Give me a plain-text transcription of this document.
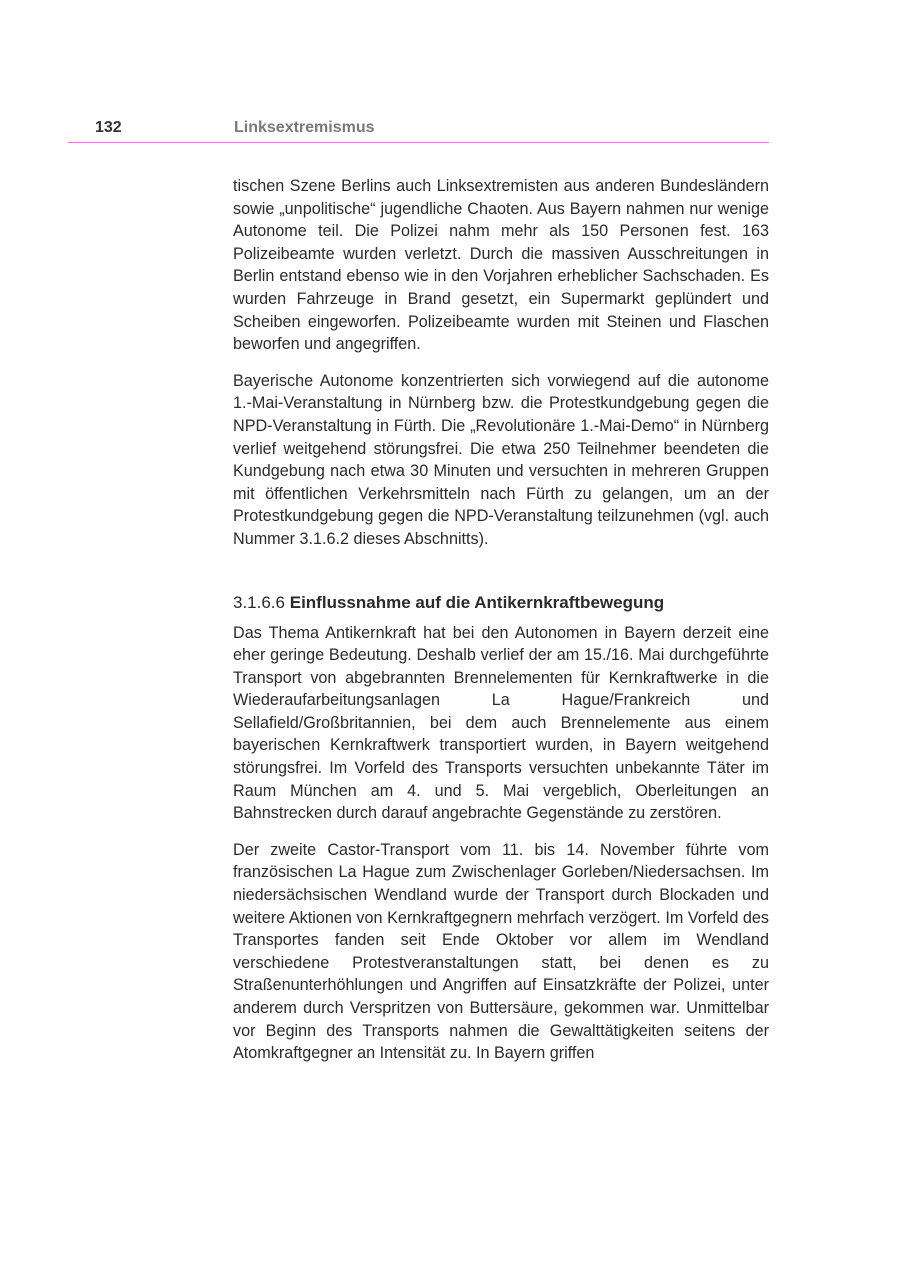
132	Linksextremismus

tischen Szene Berlins auch Linksextremisten aus anderen Bundesländern sowie „unpolitische“ jugendliche Chaoten. Aus Bayern nahmen nur wenige Autonome teil. Die Polizei nahm mehr als 150 Personen fest. 163 Polizeibeamte wurden verletzt. Durch die massiven Ausschreitungen in Berlin entstand ebenso wie in den Vorjahren erheblicher Sachschaden. Es wurden Fahrzeuge in Brand gesetzt, ein Supermarkt geplündert und Scheiben eingeworfen. Polizeibeamte wurden mit Steinen und Flaschen beworfen und angegriffen.

Bayerische Autonome konzentrierten sich vorwiegend auf die autonome 1.-Mai-Veranstaltung in Nürnberg bzw. die Protestkundgebung gegen die NPD-Veranstaltung in Fürth. Die „Revolutionäre 1.-Mai-Demo“ in Nürnberg verlief weitgehend störungsfrei. Die etwa 250 Teilnehmer beendeten die Kundgebung nach etwa 30 Minuten und versuchten in mehreren Gruppen mit öffentlichen Verkehrsmitteln nach Fürth zu gelangen, um an der Protestkundgebung gegen die NPD-Veranstaltung teilzunehmen (vgl. auch Nummer 3.1.6.2 dieses Abschnitts).

3.1.6.6 Einflussnahme auf die Antikernkraftbewegung

Das Thema Antikernkraft hat bei den Autonomen in Bayern derzeit eine eher geringe Bedeutung. Deshalb verlief der am 15./16. Mai durchgeführte Transport von abgebrannten Brennelementen für Kernkraftwerke in die Wiederaufarbeitungsanlagen La Hague/Frankreich und Sellafield/Großbritannien, bei dem auch Brennelemente aus einem bayerischen Kernkraftwerk transportiert wurden, in Bayern weitgehend störungsfrei. Im Vorfeld des Transports versuchten unbekannte Täter im Raum München am 4. und 5. Mai vergeblich, Oberleitungen an Bahnstrecken durch darauf angebrachte Gegenstände zu zerstören.

Der zweite Castor-Transport vom 11. bis 14. November führte vom französischen La Hague zum Zwischenlager Gorleben/Niedersachsen. Im niedersächsischen Wendland wurde der Transport durch Blockaden und weitere Aktionen von Kernkraftgegnern mehrfach verzögert. Im Vorfeld des Transportes fanden seit Ende Oktober vor allem im Wendland verschiedene Protestveranstaltungen statt, bei denen es zu Straßenunterhöhlungen und Angriffen auf Einsatzkräfte der Polizei, unter anderem durch Verspritzen von Buttersäure, gekommen war. Unmittelbar vor Beginn des Transports nahmen die Gewalttätigkeiten seitens der Atomkraftgegner an Intensität zu. In Bayern griffen
